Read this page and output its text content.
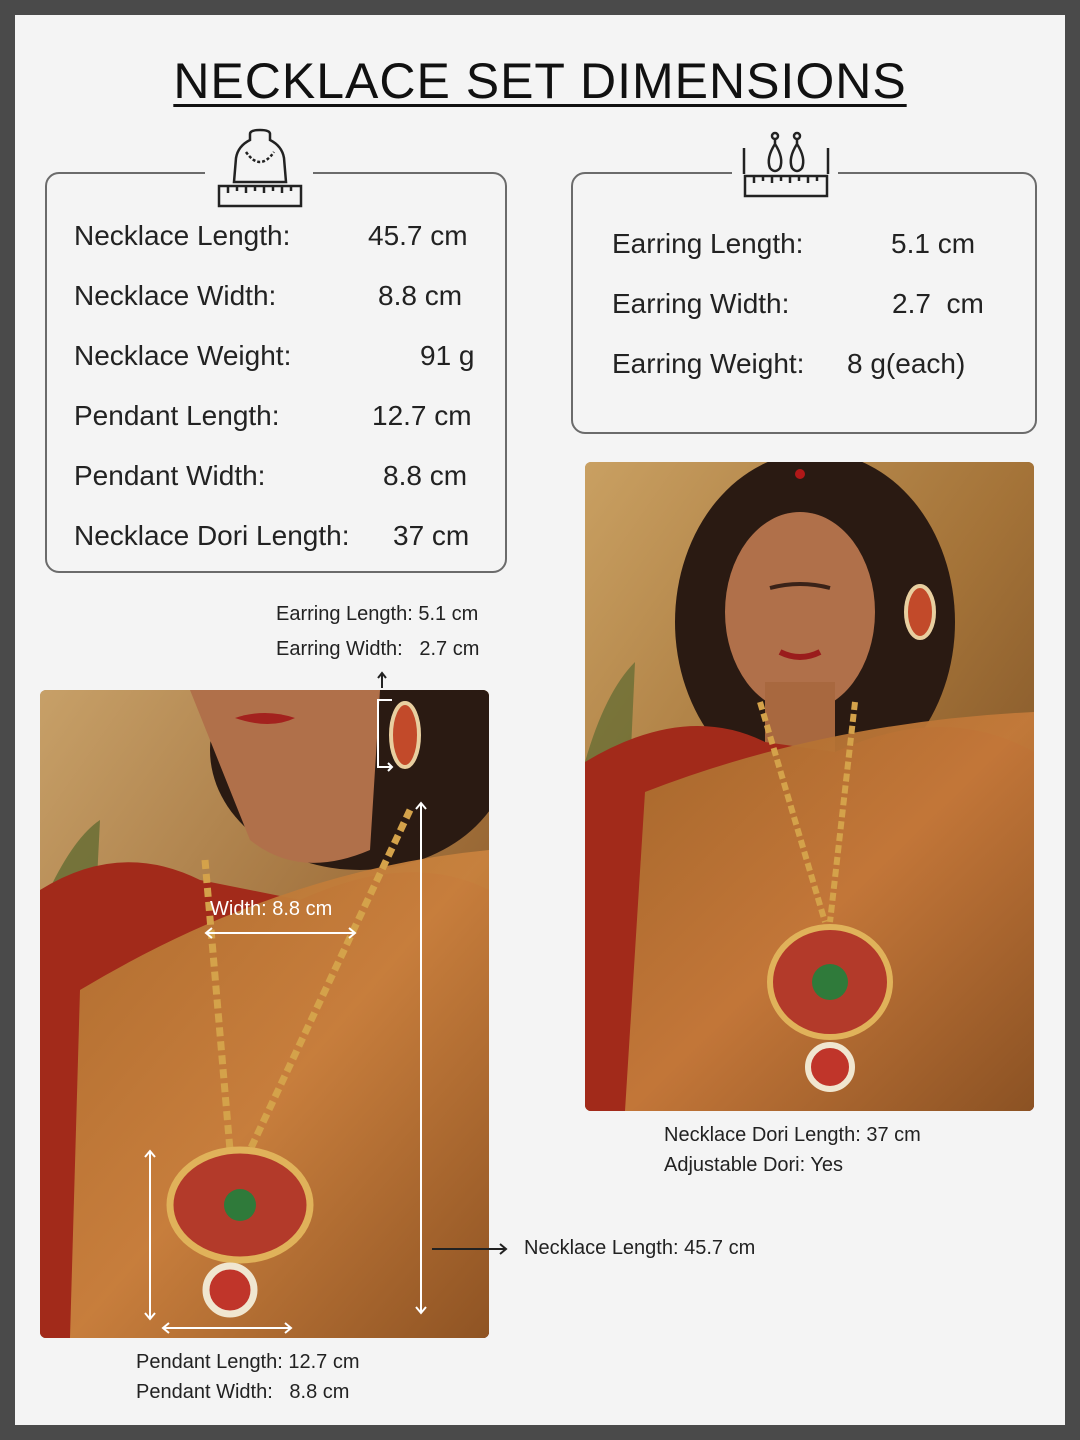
NECKLACE SET DIMENSIONS
Necklace Length:	45.7 cm
Necklace Width:	8.8 cm
Necklace Weight:	91 g
Pendant Length:	12.7 cm
Pendant Width:	8.8 cm
Necklace Dori Length: 37 cm
Earring Length:	5.1 cm
Earring Width:	2.7  cm
Earring Weight: 8 g(each)
Necklace Dori Length: 37 cm
Adjustable Dori: Yes
Earring Length: 5.1 cm
Earring Width:   2.7 cm
Width: 8.8 cm
Necklace Length: 45.7 cm
Pendant Length: 12.7 cm
Pendant Width:   8.8 cm
